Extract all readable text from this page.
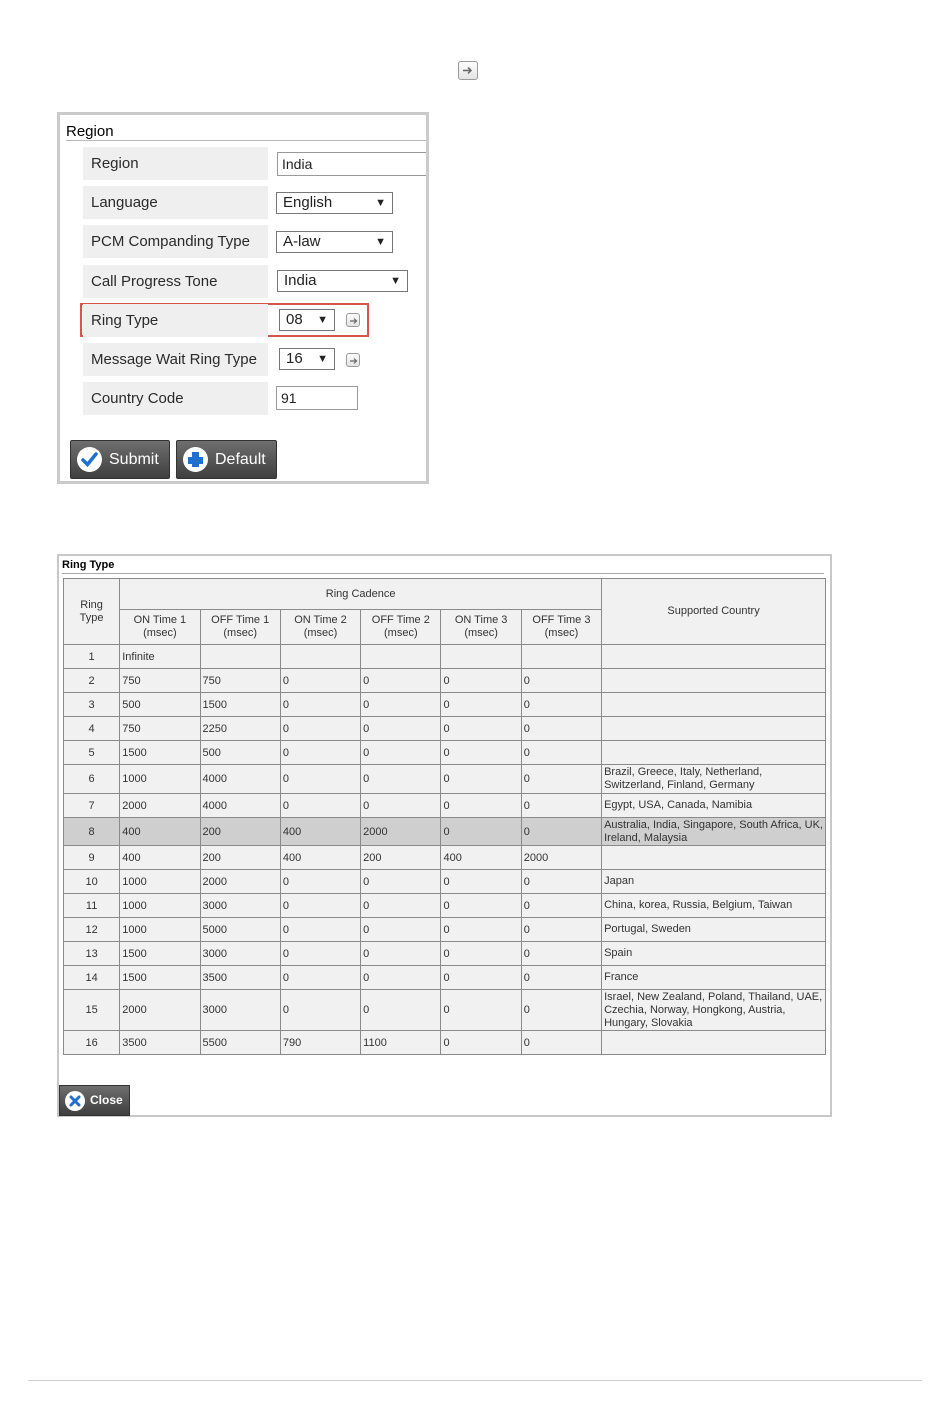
Region
Region	India
Language	English	▼
PCM Companding Type	A-law	▼
Call Progress Tone	India	▼
Ring Type	08 ▼
Message Wait Ring Type	16 ▼
Country Code	91
Submit	Default
Ring Type
Ring Type	Ring Cadence						Supported Country
	ON Time 1 (msec)	OFF Time 1 (msec)	ON Time 2 (msec)	OFF Time 2 (msec)	ON Time 3 (msec)	OFF Time 3 (msec)	
1	Infinite						
2	750	750	0	0	0	0	
3	500	1500	0	0	0	0	
4	750	2250	0	0	0	0	
5	1500	500	0	0	0	0	
6	1000	4000	0	0	0	0	Brazil, Greece, Italy, Netherland, Switzerland, Finland, Germany
7	2000	4000	0	0	0	0	Egypt, USA, Canada, Namibia
8	400	200	400	2000	0	0	Australia, India, Singapore, South Africa, UK, Ireland, Malaysia
9	400	200	400	200	400	2000	
10	1000	2000	0	0	0	0	Japan
11	1000	3000	0	0	0	0	China, korea, Russia, Belgium, Taiwan
12	1000	5000	0	0	0	0	Portugal, Sweden
13	1500	3000	0	0	0	0	Spain
14	1500	3500	0	0	0	0	France
15	2000	3000	0	0	0	0	Israel, New Zealand, Poland, Thailand, UAE, Czechia, Norway, Hongkong, Austria, Hungary, Slovakia
16	3500	5500	790	1100	0	0	
Close
